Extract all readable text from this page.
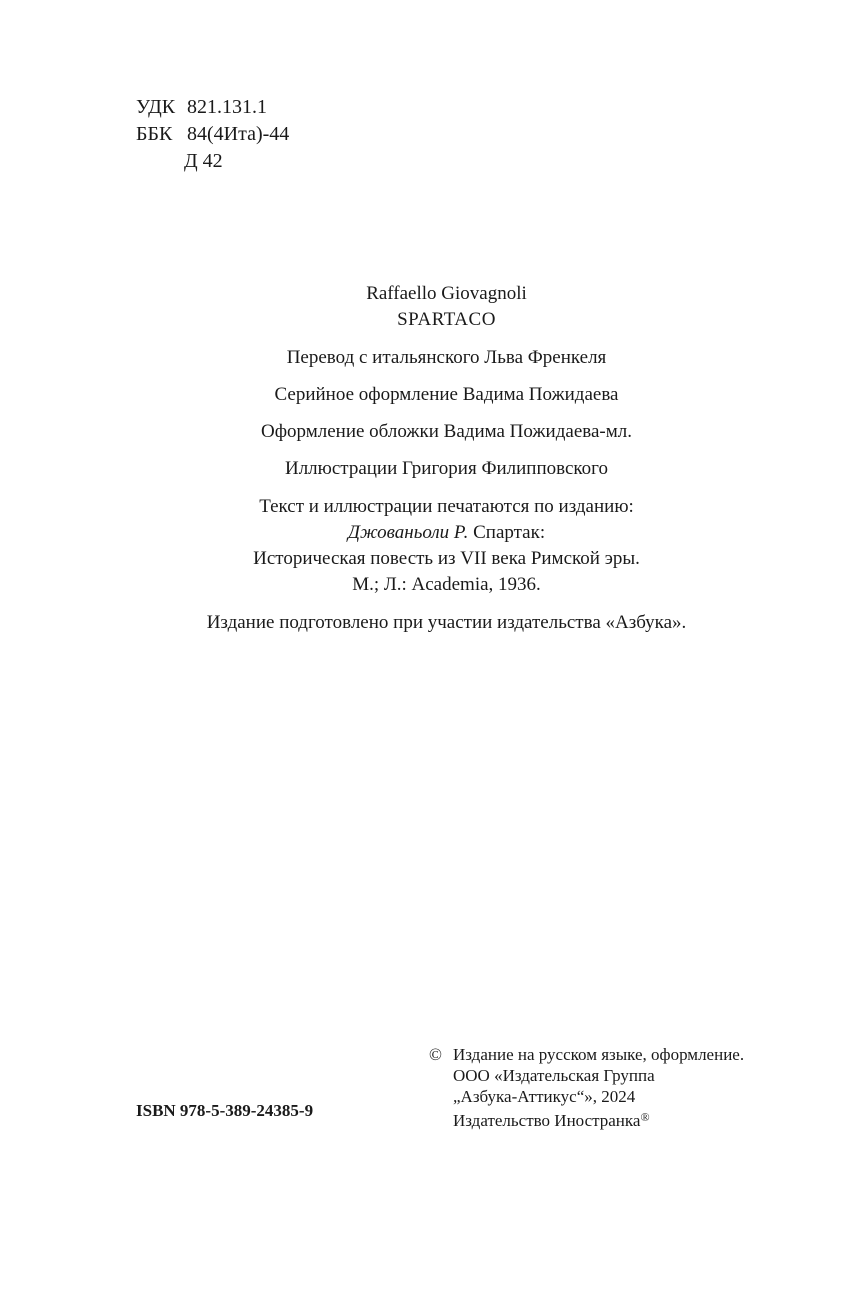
УДК 821.131.1
ББК 84(4Ита)-44
Д 42

Raffaello Giovagnoli

SPARTACO

Перевод с итальянского Льва Френкеля

Серийное оформление Вадима Пожидаева

Оформление обложки Вадима Пожидаева-мл.

Иллюстрации Григория Филипповского

Текст и иллюстрации печатаются по изданию:

Джованьоли Р. Спартак:

Историческая повесть из VII века Римской эры.

М.; Л.: Academia, 1936.

Издание подготовлено при участии издательства «Азбука».

ISBN 978-5-389-24385-9
© Издание на русском языке, оформление.
ООО «Издательская Группа
„Азбука-Аттикус“», 2024
Издательство Иностранка®
